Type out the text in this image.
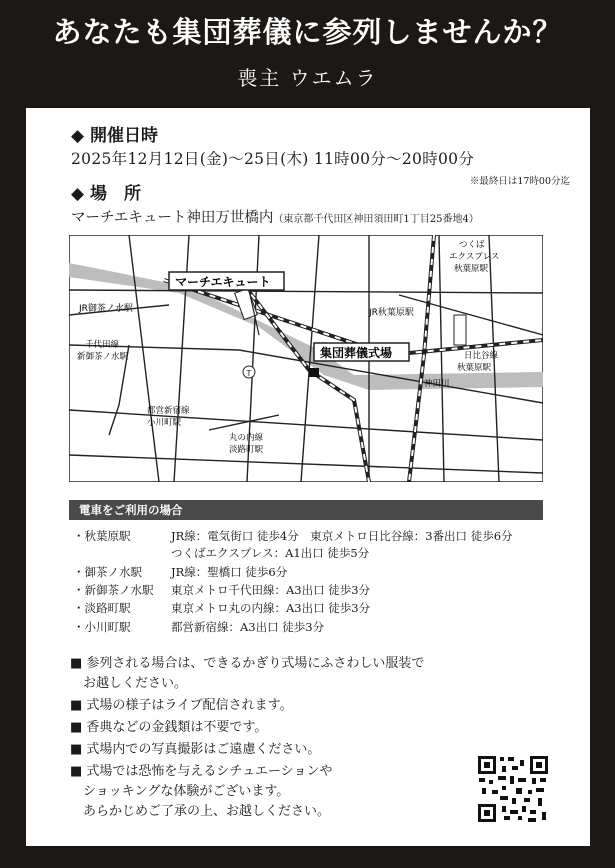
あなたも集団葬儀に参列しませんか？
喪主 ウエムラ
◆ 開催日時
2025年12月12日(金)〜25日(木) 11時00分〜20時00分
※最終日は17時00分迄
◆ 場　所
マーチエキュート神田万世橋内（東京都千代田区神田須田町1丁目25番地4）
T
マーチエキュート
集団葬儀式場
JR御茶ノ水駅	JR秋葉原駅
つくば
エクスプレス
秋葉原駅
千代田線
新御茶ノ水駅	日比谷線
秋葉原駅
神田川
都営新宿線
小川町駅
丸の内線
淡路町駅
電車をご利用の場合
・秋葉原駅	JR線：電気街口 徒歩4分　東京メトロ日比谷線：3番出口 徒歩6分
つくばエクスプレス：A1出口 徒歩5分
・御茶ノ水駅	JR線：聖橋口 徒歩6分
・新御茶ノ水駅 東京メトロ千代田線：A3出口 徒歩3分
・淡路町駅	東京メトロ丸の内線：A3出口 徒歩3分
・小川町駅	都営新宿線：A3出口 徒歩3分
■ 参列される場合は、できるかぎり式場にふさわしい服装で
　お越しください。
■ 式場の様子はライブ配信されます。
■ 香典などの金銭類は不要です。
■ 式場内での写真撮影はご遠慮ください。
■ 式場では恐怖を与えるシチュエーションや
　ショッキングな体験がございます。
　あらかじめご了承の上、お越しください。
